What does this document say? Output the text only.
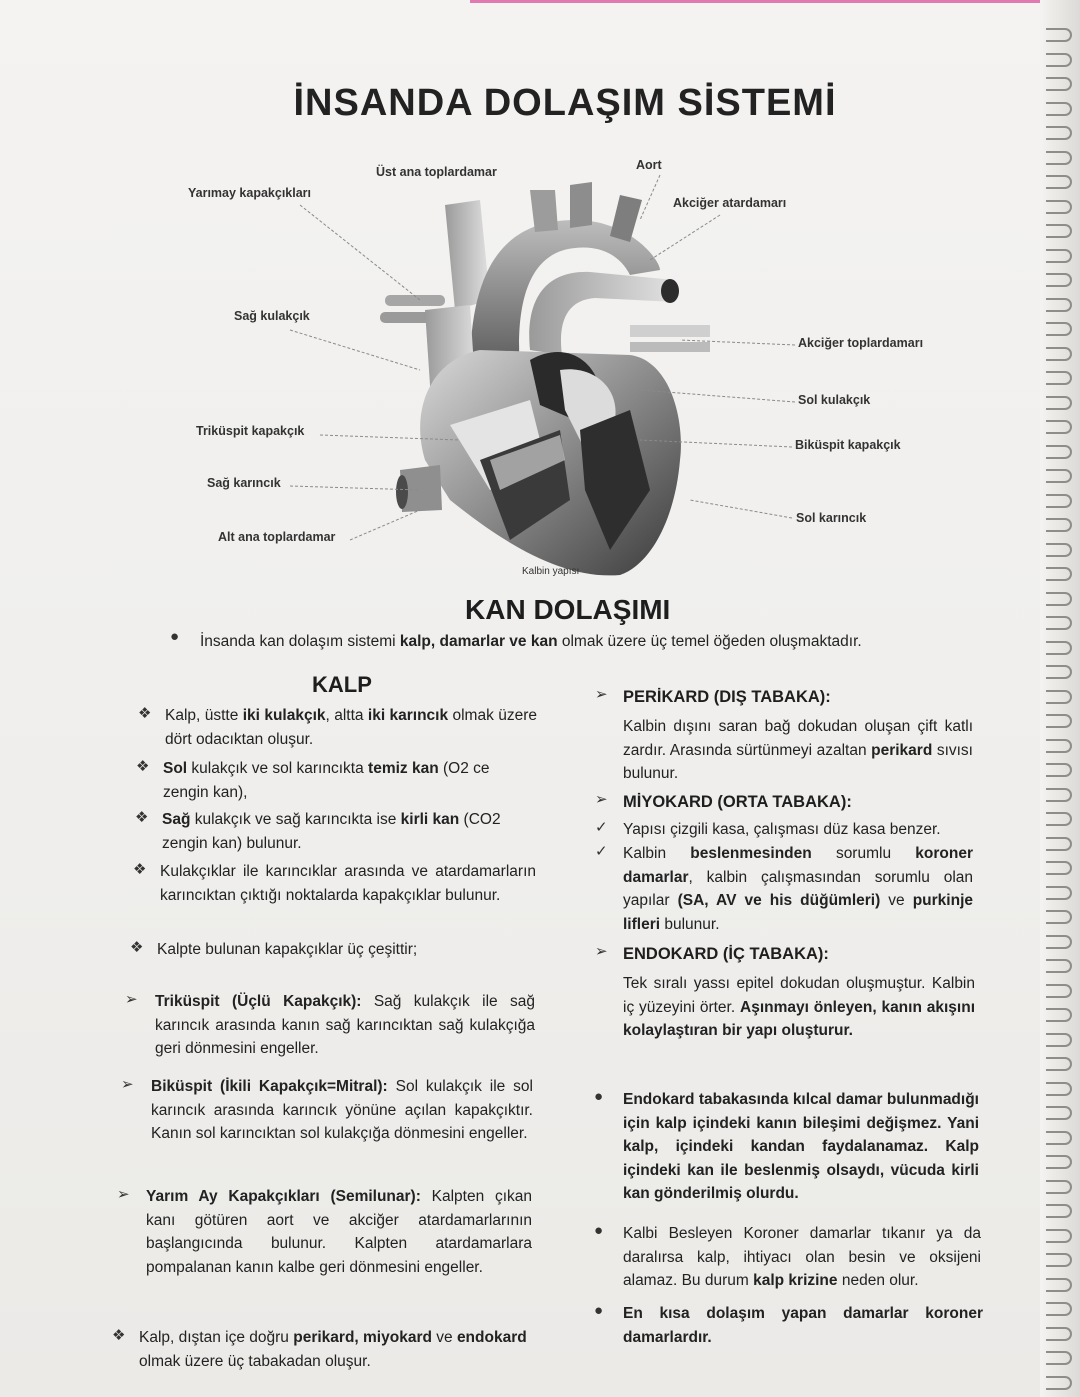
İNSANDA DOLAŞIM SİSTEMİ
Üst ana toplardamar	Aort
Yarımay kapakçıkları
Akciğer atardamarı
Sağ kulakçık
Akciğer toplardamarı
Sol kulakçık
Triküspit kapakçık
Biküspit kapakçık
Sağ karıncık
Sol karıncık
Alt ana toplardamar
Kalbin yapısı
KAN DOLAŞIMI
● İnsanda kan dolaşım sistemi kalp, damarlar ve kan olmak üzere üç temel öğeden oluşmaktadır.
KALP
❖ Kalp, üstte iki kulakçık, altta iki karıncık olmak üzere dört odacıktan oluşur.
❖ Sol kulakçık ve sol karıncıkta temiz kan (O2 ce zengin kan),
❖ Sağ kulakçık ve sağ karıncıkta ise kirli kan (CO2 zengin kan) bulunur.
❖ Kulakçıklar ile karıncıklar arasında ve atardamarların karıncıktan çıktığı noktalarda kapakçıklar bulunur.
❖ Kalpte bulunan kapakçıklar üç çeşittir;
➢ Triküspit (Üçlü Kapakçık): Sağ kulakçık ile sağ karıncık arasında kanın sağ karıncıktan sağ kulakçığa geri dönmesini engeller.
➢ Biküspit (İkili Kapakçık=Mitral): Sol kulakçık ile sol karıncık arasında karıncık yönüne açılan kapakçıktır. Kanın sol karıncıktan sol kulakçığa dönmesini engeller.
➢ Yarım Ay Kapakçıkları (Semilunar): Kalpten çıkan kanı götüren aort ve akciğer atardamarlarının başlangıcında bulunur. Kalpten atardamarlara pompalanan kanın kalbe geri dönmesini engeller.
❖ Kalp, dıştan içe doğru perikard, miyokard ve endokard olmak üzere üç tabakadan oluşur.
➢ PERİKARD (DIŞ TABAKA):
Kalbin dışını saran bağ dokudan oluşan çift katlı zardır. Arasında sürtünmeyi azaltan perikard sıvısı bulunur.
➢ MİYOKARD (ORTA TABAKA):
✓ Yapısı çizgili kasa, çalışması düz kasa benzer.
✓ Kalbin beslenmesinden sorumlu koroner damarlar, kalbin çalışmasından sorumlu olan yapılar (SA, AV ve his düğümleri) ve purkinje lifleri bulunur.
➢ ENDOKARD (İÇ TABAKA):
Tek sıralı yassı epitel dokudan oluşmuştur. Kalbin iç yüzeyini örter. Aşınmayı önleyen, kanın akışını kolaylaştıran bir yapı oluşturur.
● Endokard tabakasında kılcal damar bulunmadığı için kalp içindeki kanın bileşimi değişmez. Yani kalp, içindeki kandan faydalanamaz. Kalp içindeki kan ile beslenmiş olsaydı, vücuda kirli kan gönderilmiş olurdu.
● Kalbi Besleyen Koroner damarlar tıkanır ya da daralırsa kalp, ihtiyacı olan besin ve oksijeni alamaz. Bu durum kalp krizine neden olur.
● En kısa dolaşım yapan damarlar koroner damarlardır.
